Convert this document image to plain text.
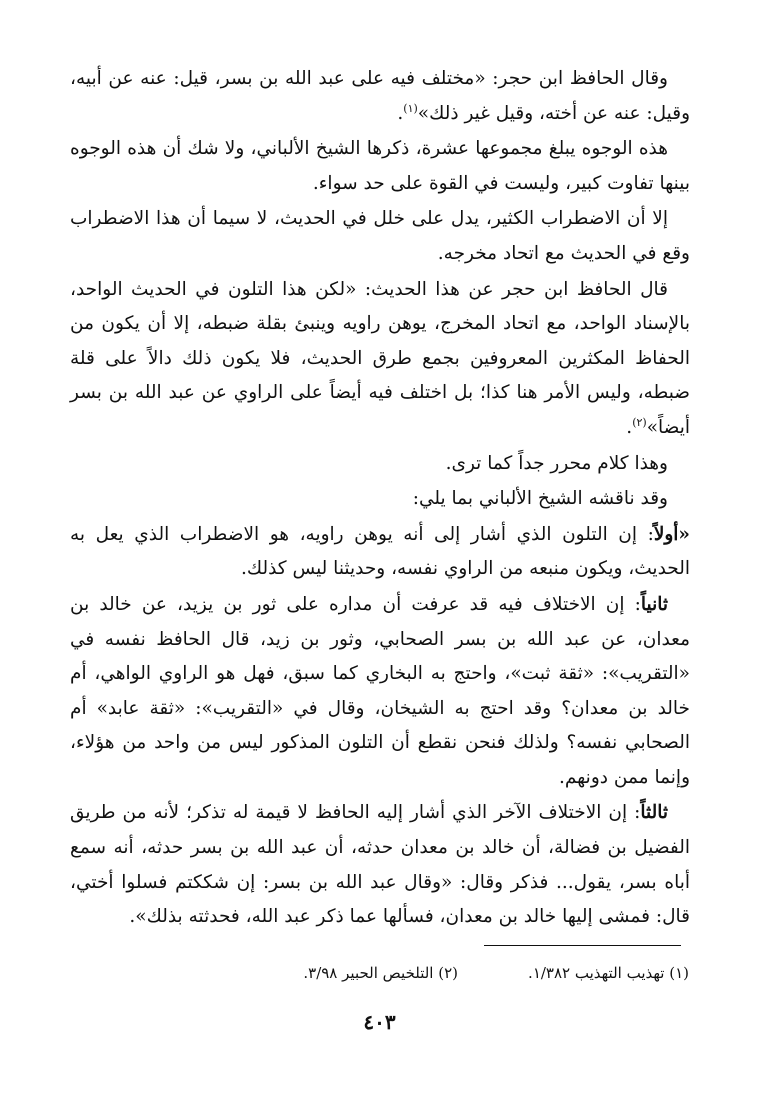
وقال الحافظ ابن حجر: «مختلف فيه على عبد الله بن بسر، قيل: عنه عن أبيه، وقيل: عنه عن أخته، وقيل غير ذلك»$^{(١)}$.

هذه الوجوه يبلغ مجموعها عشرة، ذكرها الشيخ الألباني، ولا شك أن هذه الوجوه بينها تفاوت كبير، وليست في القوة على حد سواء.

إلا أن الاضطراب الكثير، يدل على خلل في الحديث، لا سيما أن هذا الاضطراب وقع في الحديث مع اتحاد مخرجه.

قال الحافظ ابن حجر عن هذا الحديث: «لكن هذا التلون في الحديث الواحد، بالإسناد الواحد، مع اتحاد المخرج، يوهن راويه وينبئ بقلة ضبطه، إلا أن يكون من الحفاظ المكثرين المعروفين بجمع طرق الحديث، فلا يكون ذلك دالاً على قلة ضبطه، وليس الأمر هنا كذا؛ بل اختلف فيه أيضاً على الراوي عن عبد الله بن بسر أيضاً»$^{(٢)}$.

وهذا كلام محرر جداً كما ترى.

وقد ناقشه الشيخ الألباني بما يلي:

«أولاً: إن التلون الذي أشار إلى أنه يوهن راويه، هو الاضطراب الذي يعل به الحديث، ويكون منبعه من الراوي نفسه، وحديثنا ليس كذلك.

ثانياً: إن الاختلاف فيه قد عرفت أن مداره على ثور بن يزيد، عن خالد بن معدان، عن عبد الله بن بسر الصحابي، وثور بن زيد، قال الحافظ نفسه في «التقريب»: «ثقة ثبت»، واحتج به البخاري كما سبق، فهل هو الراوي الواهي، أم خالد بن معدان؟ وقد احتج به الشيخان، وقال في «التقريب»: «ثقة عابد» أم الصحابي نفسه؟ ولذلك فنحن نقطع أن التلون المذكور ليس من واحد من هؤلاء، وإنما ممن دونهم.

ثالثاً: إن الاختلاف الآخر الذي أشار إليه الحافظ لا قيمة له تذكر؛ لأنه من طريق الفضيل بن فضالة، أن خالد بن معدان حدثه، أن عبد الله بن بسر حدثه، أنه سمع أباه بسر، يقول... فذكر وقال: «وقال عبد الله بن بسر: إن شككتم فسلوا أختي، قال: فمشى إليها خالد بن معدان، فسألها عما ذكر عبد الله، فحدثته بذلك».

(١) تهذيب التهذيب ١/٣٨٢.
(٢) التلخيص الحبير ٣/٩٨.
٤٠٣
